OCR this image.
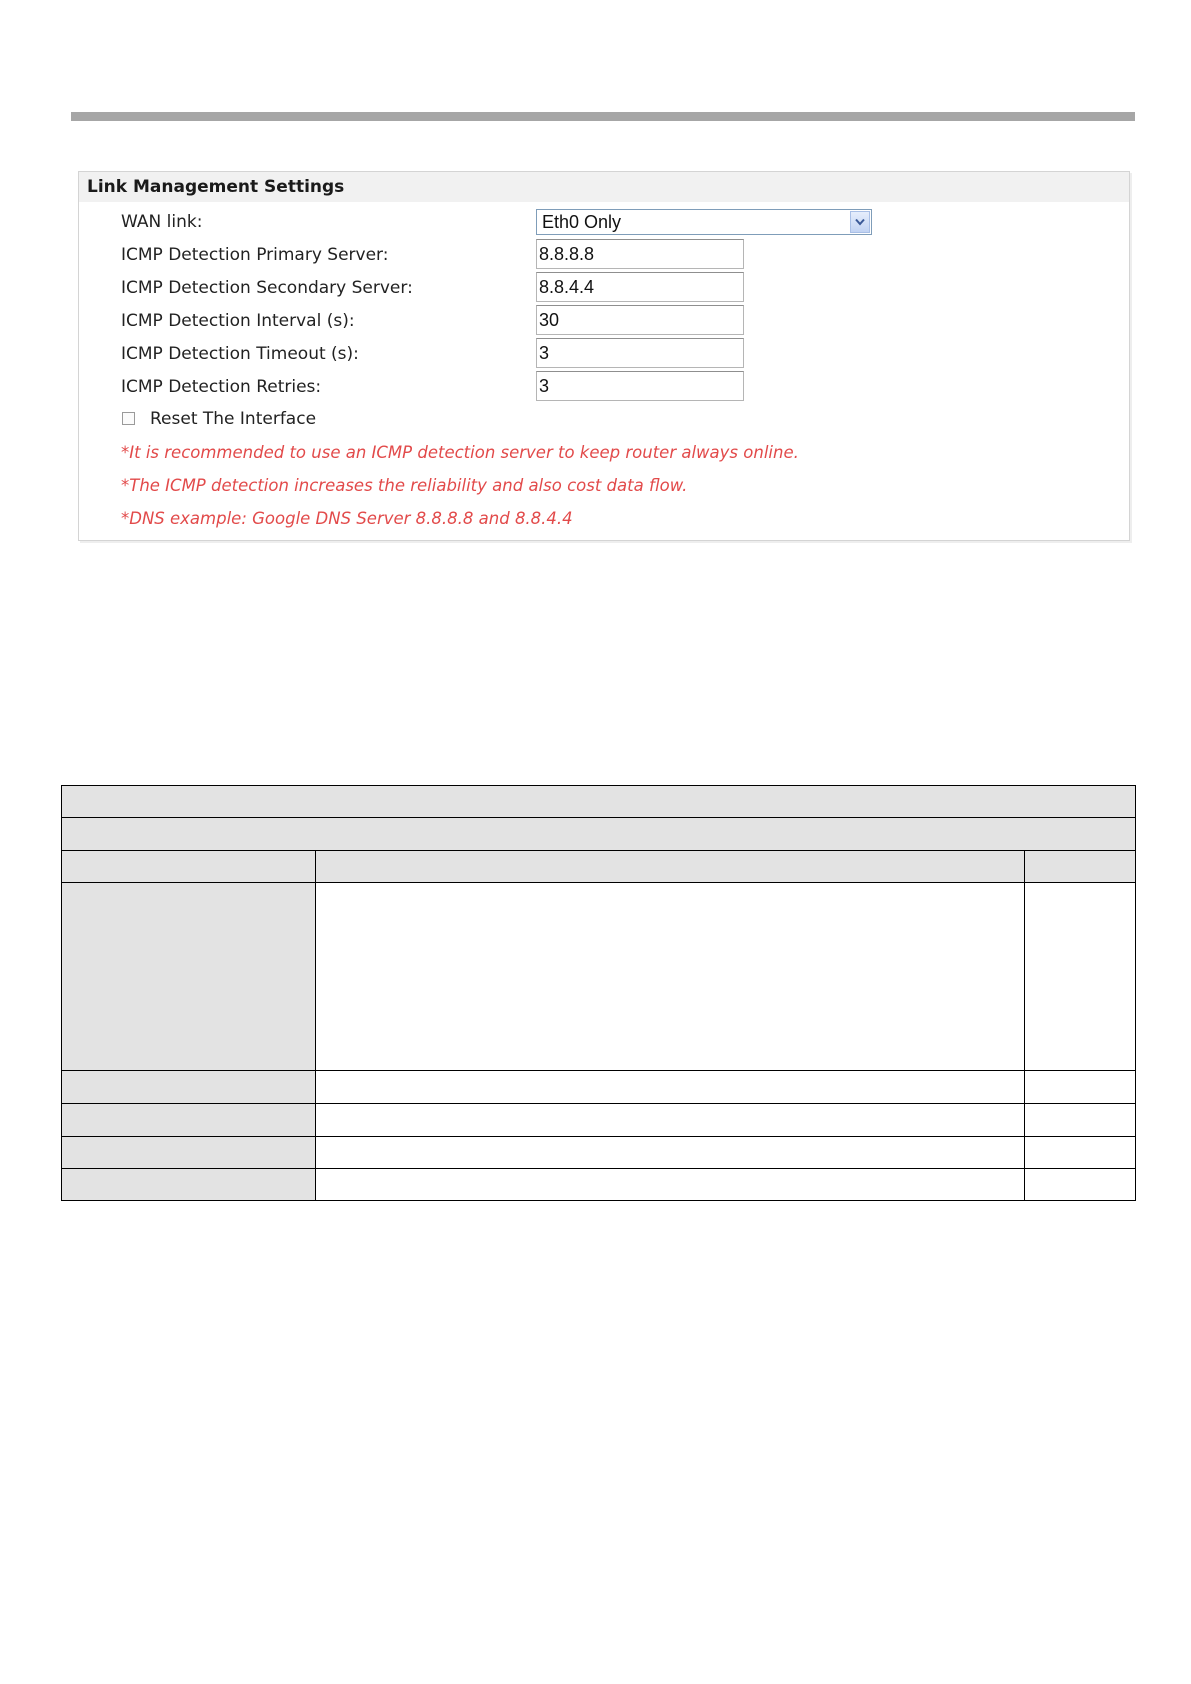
Link Management Settings
WAN link:	Eth0 Only
ICMP Detection Primary Server:
8.8.8.8
ICMP Detection Secondary Server:
8.8.4.4
ICMP Detection Interval (s):
30
ICMP Detection Timeout (s):
3
ICMP Detection Retries:
3
Reset The Interface
*It is recommended to use an ICMP detection server to keep router always online.
*The ICMP detection increases the reliability and also cost data flow.
*DNS example: Google DNS Server 8.8.8.8 and 8.8.4.4
